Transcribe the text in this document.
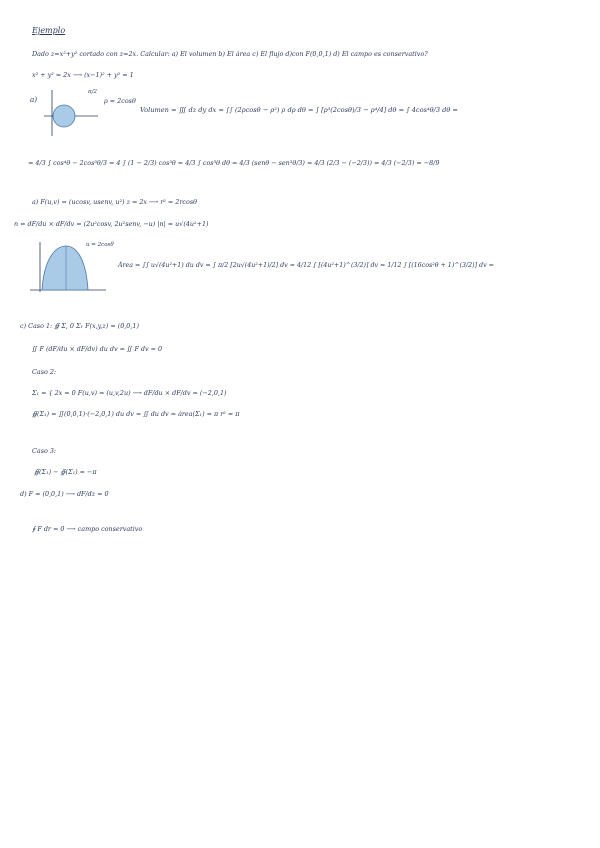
Ejemplo
Dado z=x²+y² cortado con z=2x. Calcular: a) El volumen b) El área c) El flujo d)con F(0,0,1) d) El campo es conservativo?
x² + y² = 2x ⟶ (x−1)² + y² = 1
a)
π/2
ρ = 2cosθ
Volumen = ∭ dz dy dx = ∫∫ (2ρcosθ − ρ²) ρ dρ dθ = ∫ [ρ³(2cosθ)/3 − ρ⁴/4] dθ = ∫ 4cos⁴θ/3 dθ =
= 4/3 ∫ cos⁴θ − 2cos³θ/3 = 4 ∫ (1 − 2/3) cos³θ = 4/3 ∫ cos³θ dθ = 4/3 (senθ − sen³θ/3) = 4/3 (2/3 − (−2/3)) = 4/3 (−2/3) = −8/9
a) F(u,v) = (ucosv, usenv, u²) z = 2x ⟶ r² = 2rcosθ
n = dF/du × dF/dv = (2u²cosv, 2u²senv, −u) |n| = u√(4u²+1)
u = 2cosθ
Área = ∫∫ u√(4u²+1) du dv = ∫ π/2 [2u√(4u²+1)/2] dv = 4/12 ∫ [(4u²+1)^(3/2)] dv = 1/12 ∫ [(16cos²θ + 1)^(3/2)] dv =
c) Caso 1: ∯ Σ, 0 Σ₁ F(x,y,z) = (0,0,1)
∬ F (dF/du × dF/dv) du dv = ∬ F dv = 0
Caso 2:
Σ₁ = { 2x = 0 F(u,v) = (u,v,2u) ⟶ dF/du × dF/dv = (−2,0,1)
∯(Σ₁) = ∬(0,0,1)·(−2,0,1) du dv = ∬ du dv = área(Σ₁) = π r² = π
Caso 3:
∯(Σ₁) − ∯(Σ₁) = −π
d) F = (0,0,1) ⟶ dF/dz = 0
∮ F dr = 0 ⟶ campo conservativo
